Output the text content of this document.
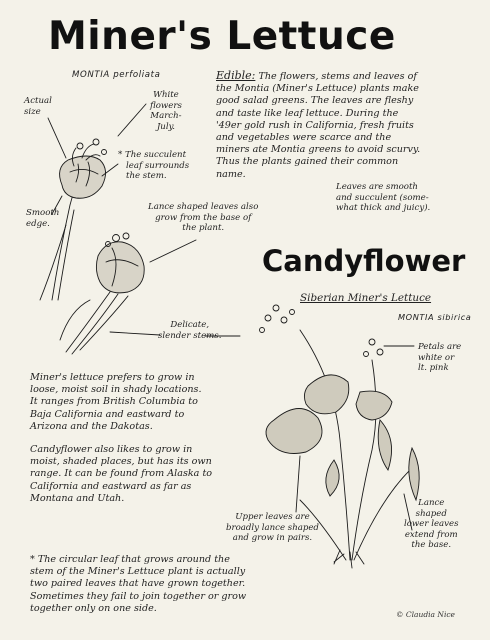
Miner's Lettuce
MONTIA perfoliata	Edible: The flowers, stems and leaves of
the Montia (Miner's Lettuce) plants make
good salad greens. The leaves are fleshy
and taste like leaf lettuce. During the
'49er gold rush in California, fresh fruits
and vegetables were scarce and the
miners ate Montia greens to avoid scurvy.
Thus the plants gained their common
name.
Actual
size
White
flowers
March-
July.
* The succulent
leaf surrounds
the stem.
Smooth
edge.
Lance shaped leaves also
grow from the base of
the plant.
Leaves are smooth
and succulent (some-
what thick and juicy).
Candyflower
Siberian Miner's Lettuce
MONTIA sibirica
Delicate,
slender stems.
Petals are
white or
lt. pink
Miner's lettuce prefers to grow in
loose, moist soil in shady locations.
It ranges from British Columbia to
Baja California and eastward to
Arizona and the Dakotas.
Candyflower also likes to grow in
moist, shaded places, but has its own
range. It can be found from Alaska to
California and eastward as far as
Montana and Utah.
Upper leaves are
broadly lance shaped
and grow in pairs.
Lance
shaped
lower leaves
extend from
the base.
* The circular leaf that grows around the
stem of the Miner's Lettuce plant is actually
two paired leaves that have grown together.
Sometimes they fail to join together or grow
together only on one side.
© Claudia Nice
